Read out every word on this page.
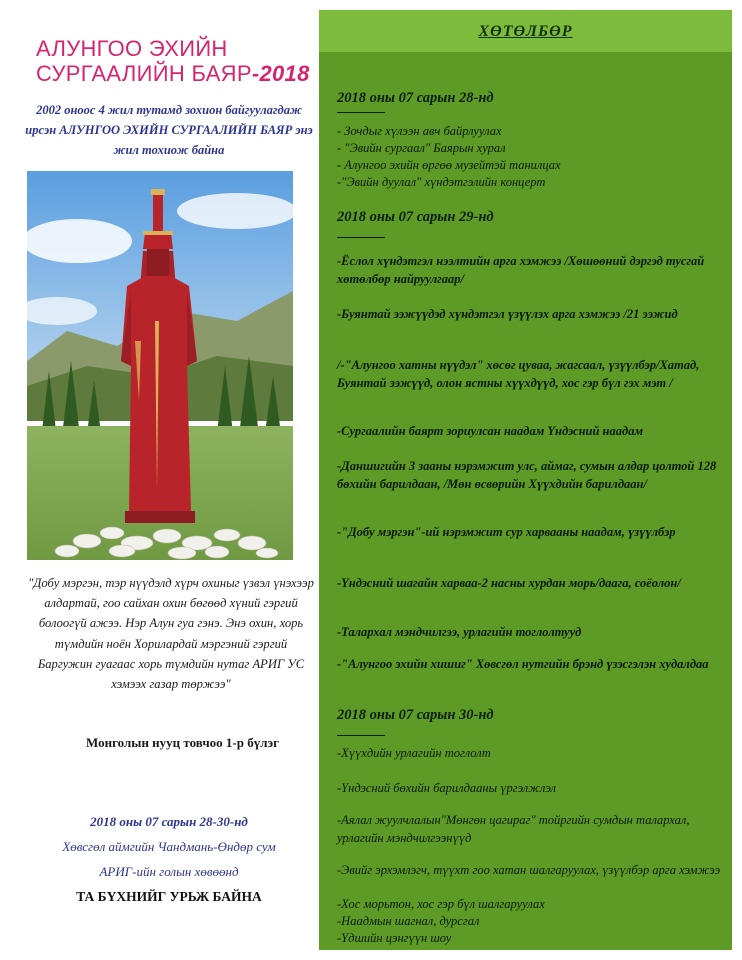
АЛУНГОО ЭХИЙН
СУРГААЛИЙН БАЯР-2018
2002 оноос 4 жил тутамд зохион байгуулагдаж ирсэн АЛУНГОО ЭХИЙН СУРГААЛИЙН БАЯР энэ жил тохиож байна
"Добу мэргэн, тэр нүүдэлд хүрч охиныг үзвэл үнэхээр алдартай, гоо сайхан охин бөгөөд хүний гэргий болоогүй ажээ. Нэр Алун гуа гэнэ. Энэ охин, хорь түмдийн ноён Хорилардай мэргэний гэргий Баргужин гуагаас хорь түмдийн нутаг АРИГ УС хэмээх газар төржээ"
Монголын нууц товчоо 1-р бүлэг
2018 оны 07 сарын 28-30-нд
Хөвсгөл аймгийн Чандмань-Өндөр сум
АРИГ-ийн голын хөвөөнд
ТА БҮХНИЙГ УРЬЖ БАЙНА
ХӨТӨЛБӨР
2018 оны 07 сарын 28-нд
- Зочдыг хүлээн авч байрлуулах
- "Эвийн сургаал" Баярын хурал
- Алунгоо эхийн өргөө музейтэй танилцах
-"Эвийн дуулал" хүндэтгэлийн концерт
2018 оны 07 сарын 29-нд
-Ёслол хүндэтгэл нээлтийн арга хэмжээ /Хөшөөний дэргэд тусгай хөтөлбөр найруулгаар/
-Буянтай ээжүүдэд хүндэтгэл үзүүлэх арга хэмжээ /21 ээжид
/-"Алунгоо хатны нүүдэл" хөсөг цуваа, жагсаал, үзүүлбэр/Хатад, Буянтай ээжүүд, олон ястны хүүхдүүд, хос гэр бүл гэх мэт /
-Сургаалийн баярт зориулсан наадам Үндэсний наадам
-Даншигийн 3 зааны нэрэмжит улс, аймаг, сумын алдар цолтой 128 бөхийн барилдаан, /Мөн өсвөрийн Хүүхдийн барилдаан/
-"Добу мэргэн"-ий нэрэмжит сур харвааны наадам, үзүүлбэр
-Үндэсний шагайн харваа-2 насны хурдан морь/даага, соёолон/
-Талархал мэндчилгээ, урлагийн тоглолтууд
-"Алунгоо эхийн хишиг" Хөвсгөл нутгийн брэнд үзэсгэлэн худалдаа
2018 оны 07 сарын 30-нд
-Хүүхдийн урлагийн тоглолт
-Үндэсний бөхийн барилдааны үргэлжлэл
-Аялал жуулчлалын"Мөнгөн цагираг" тойргийн сумдын талархал, урлагийн мэндчилгээнүүд
-Эвийг эрхэмлэгч, түүхт гоо хатан шалгаруулах, үзүүлбэр арга хэмжээ
-Хос морьтон, хос гэр бүл шалгаруулах
-Наадмын шагнал, дурсгал
-Үдшийн цэнгүүн шоу
